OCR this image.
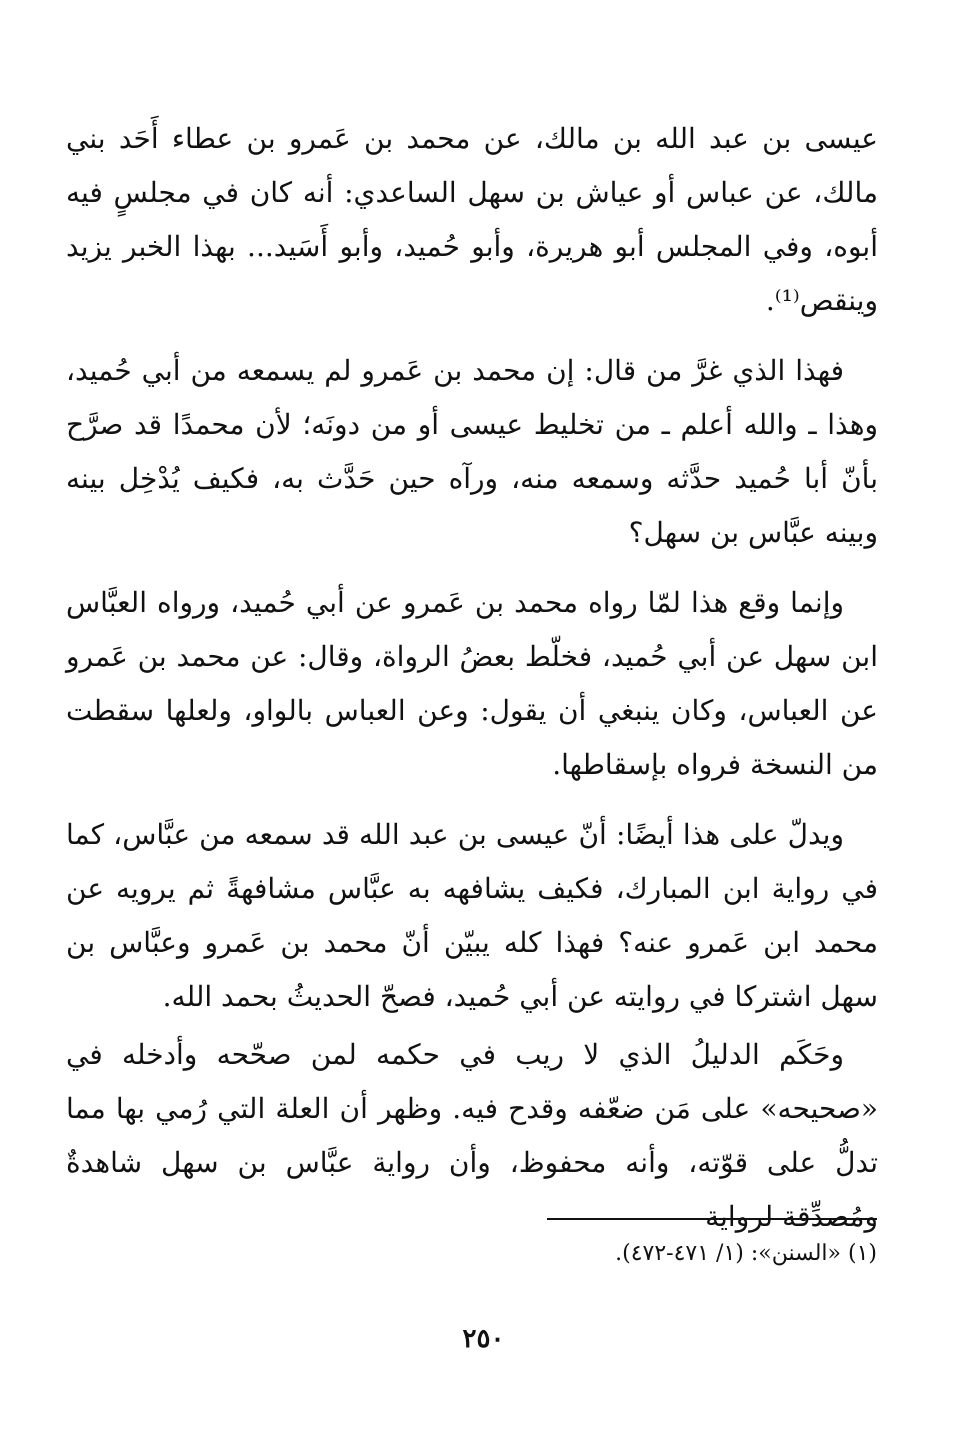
عيسى بن عبد الله بن مالك، عن محمد بن عَمرو بن عطاء أَحَد بني مالك، عن عباس أو عياش بن سهل الساعدي: أنه كان في مجلسٍ فيه أبوه، وفي المجلس أبو هريرة، وأبو حُميد، وأبو أَسَيد... بهذا الخبر يزيد وينقص⁽¹⁾.

فهذا الذي غرَّ من قال: إن محمد بن عَمرو لم يسمعه من أبي حُميد، وهذا ـ والله أعلم ـ من تخليط عيسى أو من دونَه؛ لأن محمدًا قد صرَّح بأنّ أبا حُميد حدَّثه وسمعه منه، ورآه حين حَدَّث به، فكيف يُدْخِل بينه وبينه عبَّاس بن سهل؟

وإنما وقع هذا لمّا رواه محمد بن عَمرو عن أبي حُميد، ورواه العبَّاس ابن سهل عن أبي حُميد، فخلّط بعضُ الرواة، وقال: عن محمد بن عَمرو عن العباس، وكان ينبغي أن يقول: وعن العباس بالواو، ولعلها سقطت من النسخة فرواه بإسقاطها.

ويدلّ على هذا أيضًا: أنّ عيسى بن عبد الله قد سمعه من عبَّاس، كما في رواية ابن المبارك، فكيف يشافهه به عبَّاس مشافهةً ثم يرويه عن محمد ابن عَمرو عنه؟ فهذا كله يبيّن أنّ محمد بن عَمرو وعبَّاس بن سهل اشتركا في روايته عن أبي حُميد، فصحّ الحديثُ بحمد الله.

وحَكَم الدليلُ الذي لا ريب في حكمه لمن صحّحه وأدخله في «صحيحه» على مَن ضعّفه وقدح فيه. وظهر أن العلة التي رُمي بها مما تدلُّ على قوّته، وأنه محفوظ، وأن رواية عبَّاس بن سهل شاهدةٌ ومُصدِّقة لرواية

(١) «السنن»: (١/ ٤٧١-٤٧٢).
٢٥٠
